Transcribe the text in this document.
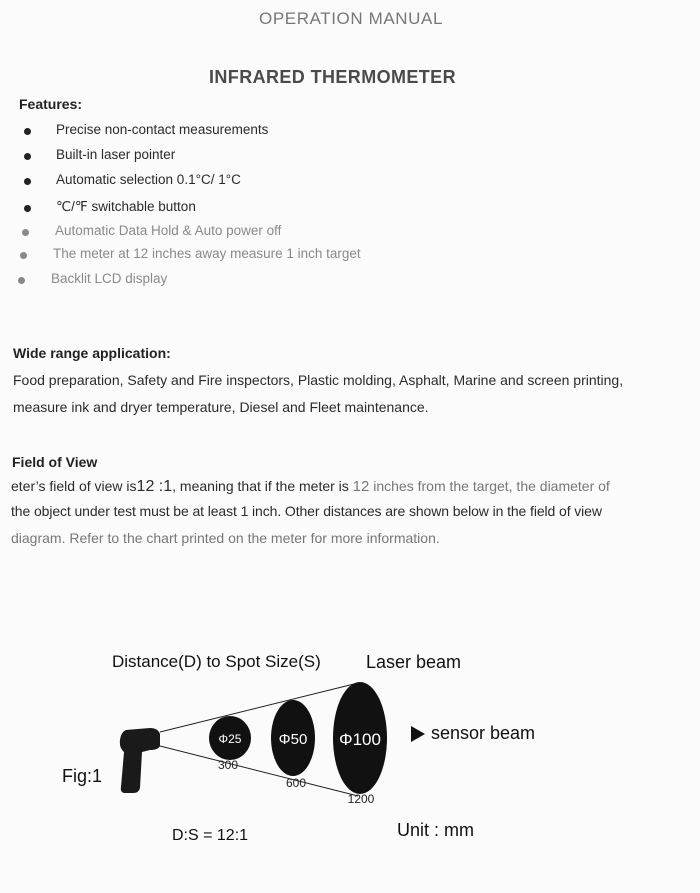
OPERATION MANUAL
INFRARED THERMOMETER
Features:
Precise non-contact measurements
Built-in laser pointer
Automatic selection 0.1°C/ 1°C
℃/℉ switchable button
Automatic Data Hold & Auto power off
The meter at 12 inches away measure 1 inch target
Backlit LCD display
Wide range application:
Food preparation, Safety and Fire inspectors, Plastic molding, Asphalt, Marine and screen printing,
measure ink and dryer temperature, Diesel and Fleet maintenance.
Field of View
eter’s field of view is12 :1, meaning that if the meter is 12 inches from the target, the diameter of
the object under test must be at least 1 inch. Other distances are shown below in the field of view
diagram. Refer to the chart printed on the meter for more information.
Distance(D) to Spot Size(S)	Laser beam
Φ25 Φ50 Φ100
300
600
1200
sensor beam
Fig:1
D:S = 12:1	Unit : mm
